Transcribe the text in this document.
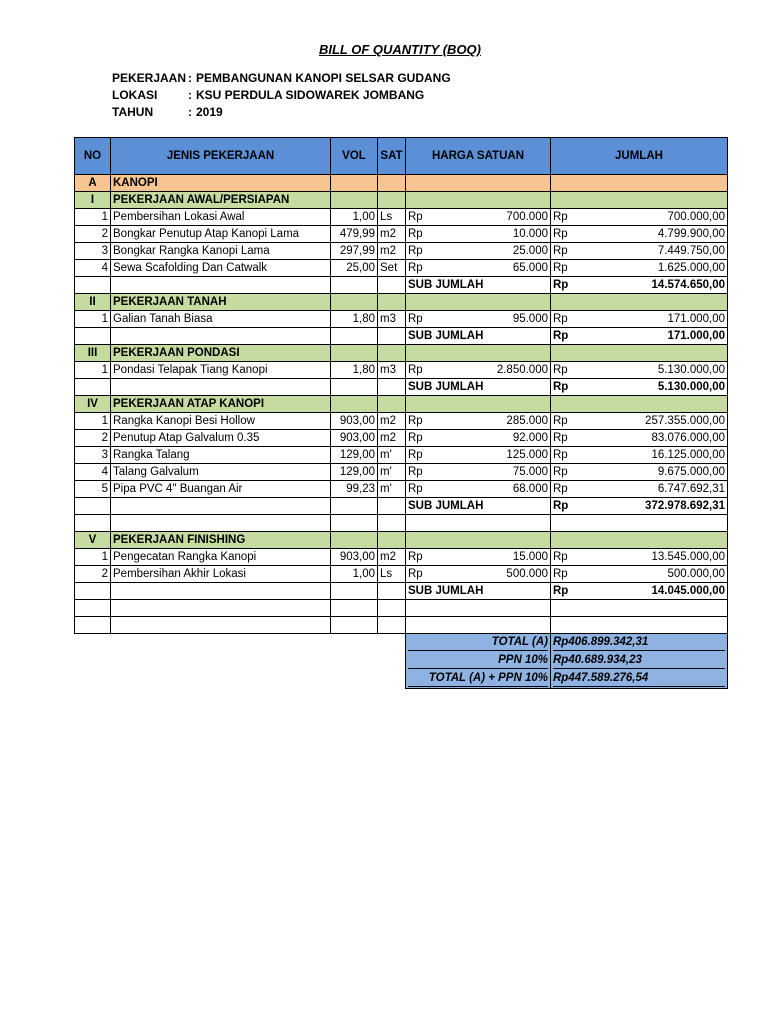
BILL OF QUANTITY (BOQ)
PEKERJAAN : PEMBANGUNAN KANOPI SELSAR GUDANG
LOKASI	: KSU PERDULA SIDOWAREK JOMBANG
TAHUN	: 2019
NO	JENIS PEKERJAAN	VOL	SAT	HARGA SATUAN	JUMLAH
A	KANOPI				
I	PEKERJAAN AWAL/PERSIAPAN				
1	Pembersihan Lokasi Awal	1,00	Ls	Rp 700.000	Rp 700.000,00

2	Bongkar Penutup Atap Kanopi Lama	479,99	m2	Rp 10.000	Rp 4.799.900,00

3	Bongkar Rangka Kanopi Lama	297,99	m2	Rp 25.000	Rp 7.449.750,00

4	Sewa Scafolding Dan Catwalk	25,00	Set	Rp 65.000	Rp 1.625.000,00

				SUB JUMLAH	Rp 14.574.650,00

II	PEKERJAAN TANAH				
1	Galian Tanah Biasa	1,80	m3	Rp 95.000	Rp 171.000,00

				SUB JUMLAH	Rp 171.000,00

III	PEKERJAAN PONDASI				
1	Pondasi Telapak Tiang Kanopi	1,80	m3	Rp 2.850.000	Rp 5.130.000,00

				SUB JUMLAH	Rp 5.130.000,00

IV	PEKERJAAN ATAP KANOPI				
1	Rangka Kanopi Besi Hollow	903,00	m2	Rp 285.000	Rp 257.355.000,00

2	Penutup Atap Galvalum 0.35	903,00	m2	Rp 92.000	Rp 83.076.000,00

3	Rangka Talang	129,00	m'	Rp 125.000	Rp 16.125.000,00

4	Talang Galvalum	129,00	m'	Rp 75.000	Rp 9.675.000,00

5	Pipa PVC 4" Buangan Air	99,23	m'	Rp 68.000	Rp 6.747.692,31

				SUB JUMLAH	Rp 372.978.692,31

V	PEKERJAAN FINISHING				
1	Pengecatan Rangka Kanopi	903,00	m2	Rp 15.000	Rp 13.545.000,00

2	Pembersihan Akhir Lokasi	1,00	Ls	Rp 500.000	Rp 500.000,00

				SUB JUMLAH	Rp 14.045.000,00

				TOTAL (A)	Rp406.899.342,31

				PPN 10%	Rp40.689.934,23

				TOTAL (A) + PPN 10%	Rp447.589.276,54
